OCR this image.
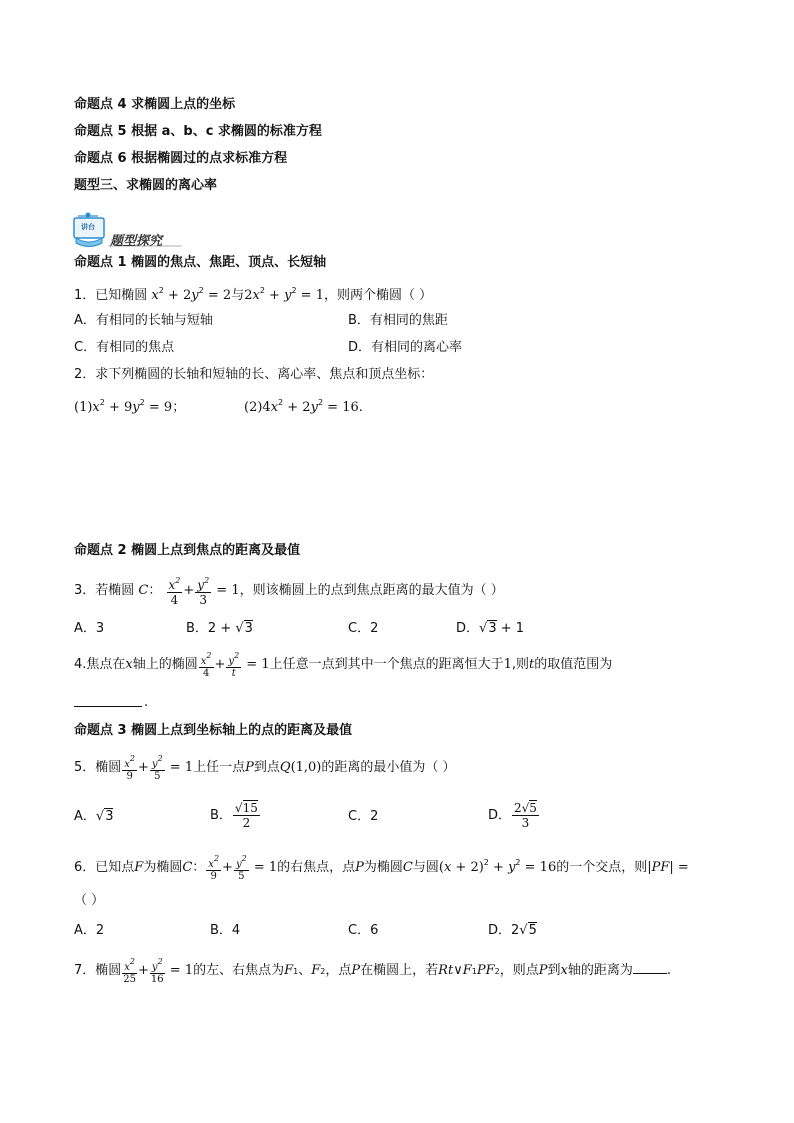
命题点 4 求椭圆上点的坐标
命题点 5 根据 a、b、c 求椭圆的标准方程
命题点 6 根据椭圆过的点求标准方程
题型三、求椭圆的离心率
讲台
题型探究
命题点 1 椭圆的焦点、焦距、顶点、长短轴
1．已知椭圆 $x^2 + 2y^2 = 2$与$2x^2 + y^2 = 1$，则两个椭圆（ ）
A．有相同的长轴与短轴	B．有相同的焦距
C．有相同的焦点	D．有相同的离心率
2．求下列椭圆的长轴和短轴的长、离心率、焦点和顶点坐标：
$(1)x^2 + 9y^2 = 9$；	$(2)4x^2 + 2y^2 = 16$.
命题点 2 椭圆上点到焦点的距离及最值
3．若椭圆 C： $\frac{x^2}{4} + \frac{y^2}{3} = 1$，则该椭圆上的点到焦点距离的最大值为（ ）
A．3	B．2 + √3	C．2	D．√3 + 1
4.焦点在x轴上的椭圆 $\frac{x^2}{4} + \frac{y^2}{t} = 1$上任意一点到其中一个焦点的距离恒大于1,则t的取值范围为
.
命题点 3 椭圆上点到坐标轴上的点的距离及最值
5．椭圆 $\frac{x^2}{9} + \frac{y^2}{5} = 1$上任一点P到点Q(1,0)的距离的最小值为（ ）
A．√3	B． $\frac{√15}{2}$	C．2	D． $\frac{2√5}{3}$
6．已知点F为椭圆C： $\frac{x^2}{9} + \frac{y^2}{5} = 1$的右焦点，点P为椭圆C与圆$(x + 2)^2 + y^2 = 16$的一个交点，则|PF| =
（ ）
A．2	B．4	C．6	D．2√5
7．椭圆 $\frac{x^2}{25} + \frac{y^2}{16} = 1$的左、右焦点为F1、F2，点P在椭圆上，若Rt∨F1PF2，则点P到x轴的距离为	.
